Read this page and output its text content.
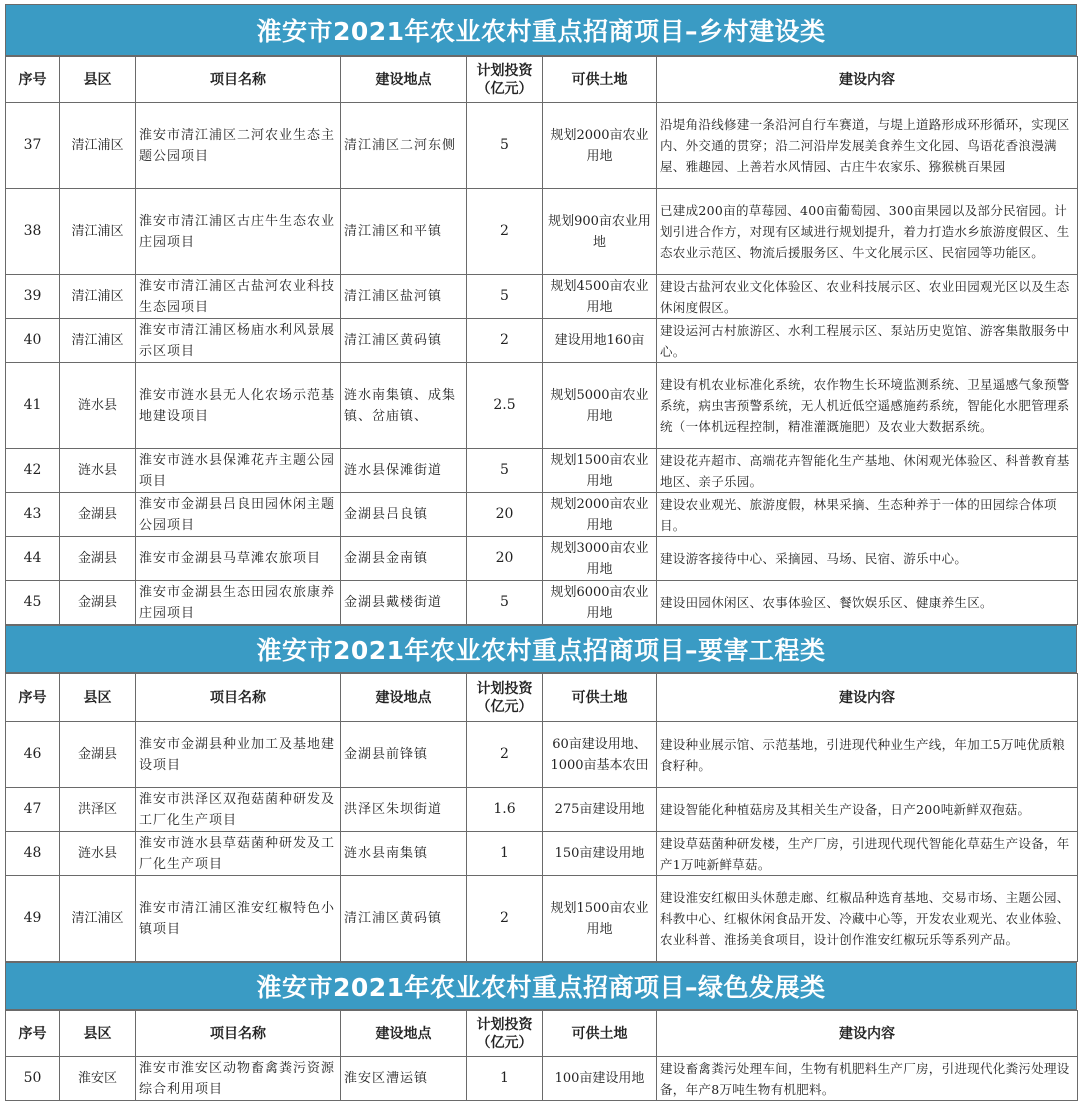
淮安市2021年农业农村重点招商项目–乡村建设类
序号	县区	项目名称	建设地点	计划投资（亿元）	可供土地	建设内容
37	清江浦区	淮安市清江浦区二河农业生态主题公园项目	清江浦区二河东侧	5	规划2000亩农业用地	沿堤角沿线修建一条沿河自行车赛道，与堤上道路形成环形循环，实现区内、外交通的贯穿；沿二河沿岸发展美食养生文化园、鸟语花香浪漫满屋、雅趣园、上善若水风情园、古庄牛农家乐、猕猴桃百果园
38	清江浦区	淮安市清江浦区古庄牛生态农业庄园项目	清江浦区和平镇	2	规划900亩农业用地	已建成200亩的草莓园、400亩葡萄园、300亩果园以及部分民宿园。计划引进合作方，对现有区域进行规划提升，着力打造水乡旅游度假区、生态农业示范区、物流后援服务区、牛文化展示区、民宿园等功能区。
39	清江浦区	淮安市清江浦区古盐河农业科技生态园项目	清江浦区盐河镇	5	规划4500亩农业用地	建设古盐河农业文化体验区、农业科技展示区、农业田园观光区以及生态休闲度假区。
40	清江浦区	淮安市清江浦区杨庙水利风景展示区项目	清江浦区黄码镇	2	建设用地160亩	建设运河古村旅游区、水利工程展示区、泵站历史览馆、游客集散服务中心。
41	涟水县	淮安市涟水县无人化农场示范基地建设项目	涟水南集镇、成集镇、岔庙镇、	2.5	规划5000亩农业用地	建设有机农业标准化系统，农作物生长环境监测系统、卫星遥感气象预警系统，病虫害预警系统，无人机近低空遥感施药系统，智能化水肥管理系统（一体机远程控制，精准灌溉施肥）及农业大数据系统。
42	涟水县	淮安市涟水县保滩花卉主题公园项目	涟水县保滩街道	5	规划1500亩农业用地	建设花卉超市、高端花卉智能化生产基地、休闲观光体验区、科普教育基地区、亲子乐园。
43	金湖县	淮安市金湖县吕良田园休闲主题公园项目	金湖县吕良镇	20	规划2000亩农业用地	建设农业观光、旅游度假，林果采摘、生态种养于一体的田园综合体项目。
44	金湖县	淮安市金湖县马草滩农旅项目	金湖县金南镇	20	规划3000亩农业用地	建设游客接待中心、采摘园、马场、民宿、游乐中心。
45	金湖县	淮安市金湖县生态田园农旅康养庄园项目	金湖县戴楼街道	5	规划6000亩农业用地	建设田园休闲区、农事体验区、餐饮娱乐区、健康养生区。
淮安市2021年农业农村重点招商项目–要害工程类
序号	县区	项目名称	建设地点	计划投资（亿元）	可供土地	建设内容
46	金湖县	淮安市金湖县种业加工及基地建设项目	金湖县前锋镇	2	60亩建设用地、1000亩基本农田	建设种业展示馆、示范基地，引进现代种业生产线，年加工5万吨优质粮食籽种。
47	洪泽区	淮安市洪泽区双孢菇菌种研发及工厂化生产项目	洪泽区朱坝街道	1.6	275亩建设用地	建设智能化种植菇房及其相关生产设备，日产200吨新鲜双孢菇。
48	涟水县	淮安市涟水县草菇菌种研发及工厂化生产项目	涟水县南集镇	1	150亩建设用地	建设草菇菌种研发楼，生产厂房，引进现代现代智能化草菇生产设备，年产1万吨新鲜草菇。
49	清江浦区	淮安市清江浦区淮安红椒特色小镇项目	清江浦区黄码镇	2	规划1500亩农业用地	建设淮安红椒田头休憩走廊、红椒品种选育基地、交易市场、主题公园、科教中心、红椒休闲食品开发、冷藏中心等，开发农业观光、农业体验、农业科普、淮扬美食项目，设计创作淮安红椒玩乐等系列产品。
淮安市2021年农业农村重点招商项目–绿色发展类
序号	县区	项目名称	建设地点	计划投资（亿元）	可供土地	建设内容
50	淮安区	淮安市淮安区动物畜禽粪污资源综合利用项目	淮安区漕运镇	1	100亩建设用地	建设畜禽粪污处理车间，生物有机肥料生产厂房，引进现代化粪污处理设备，年产8万吨生物有机肥料。
